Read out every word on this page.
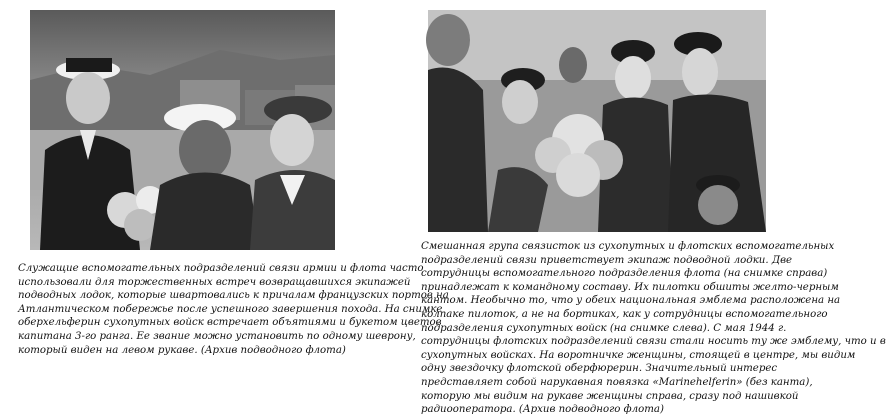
Служащие вспомогательных подразделений связи армии и флота часто
использовали для торжественных встреч возвращавшихся экипажей
подводных лодок, которые швартовались к причалам французских портов на
Атлантическом побережье после успешного завершения похода. На снимке
оберхельферин сухопутных войск встречает объятиями и букетом цветов
капитана 3-го ранга. Ее звание можно установить по одному шеврону,
который виден на левом рукаве. (Архив подводного флота)
Смешанная група связисток из сухопутных и флотских вспомогательных
подразделений связи приветствует экипаж подводной лодки. Две
сотрудницы вспомогательного подразделения флота (на снимке справа)
принадлежат к командному составу. Их пилотки обшиты желто-черным
кантом. Необычно то, что у обеих национальная эмблема расположена на
колпаке пилоток, а не на бортиках, как у сотрудницы вспомогательного
подразделения сухопутных войск (на снимке слева). С мая 1944 г.
сотрудницы флотских подразделений связи стали носить ту же эмблему, что и в
сухопутных войсках. На воротничке женщины, стоящей в центре, мы видим
одну звездочку флотской оберфюрерин. Значительный интерес
представляет собой нарукавная повязка «Marinehelferin» (без канта),
которую мы видим на рукаве женщины справа, сразу под нашивкой
радиооператора. (Архив подводного флота)
